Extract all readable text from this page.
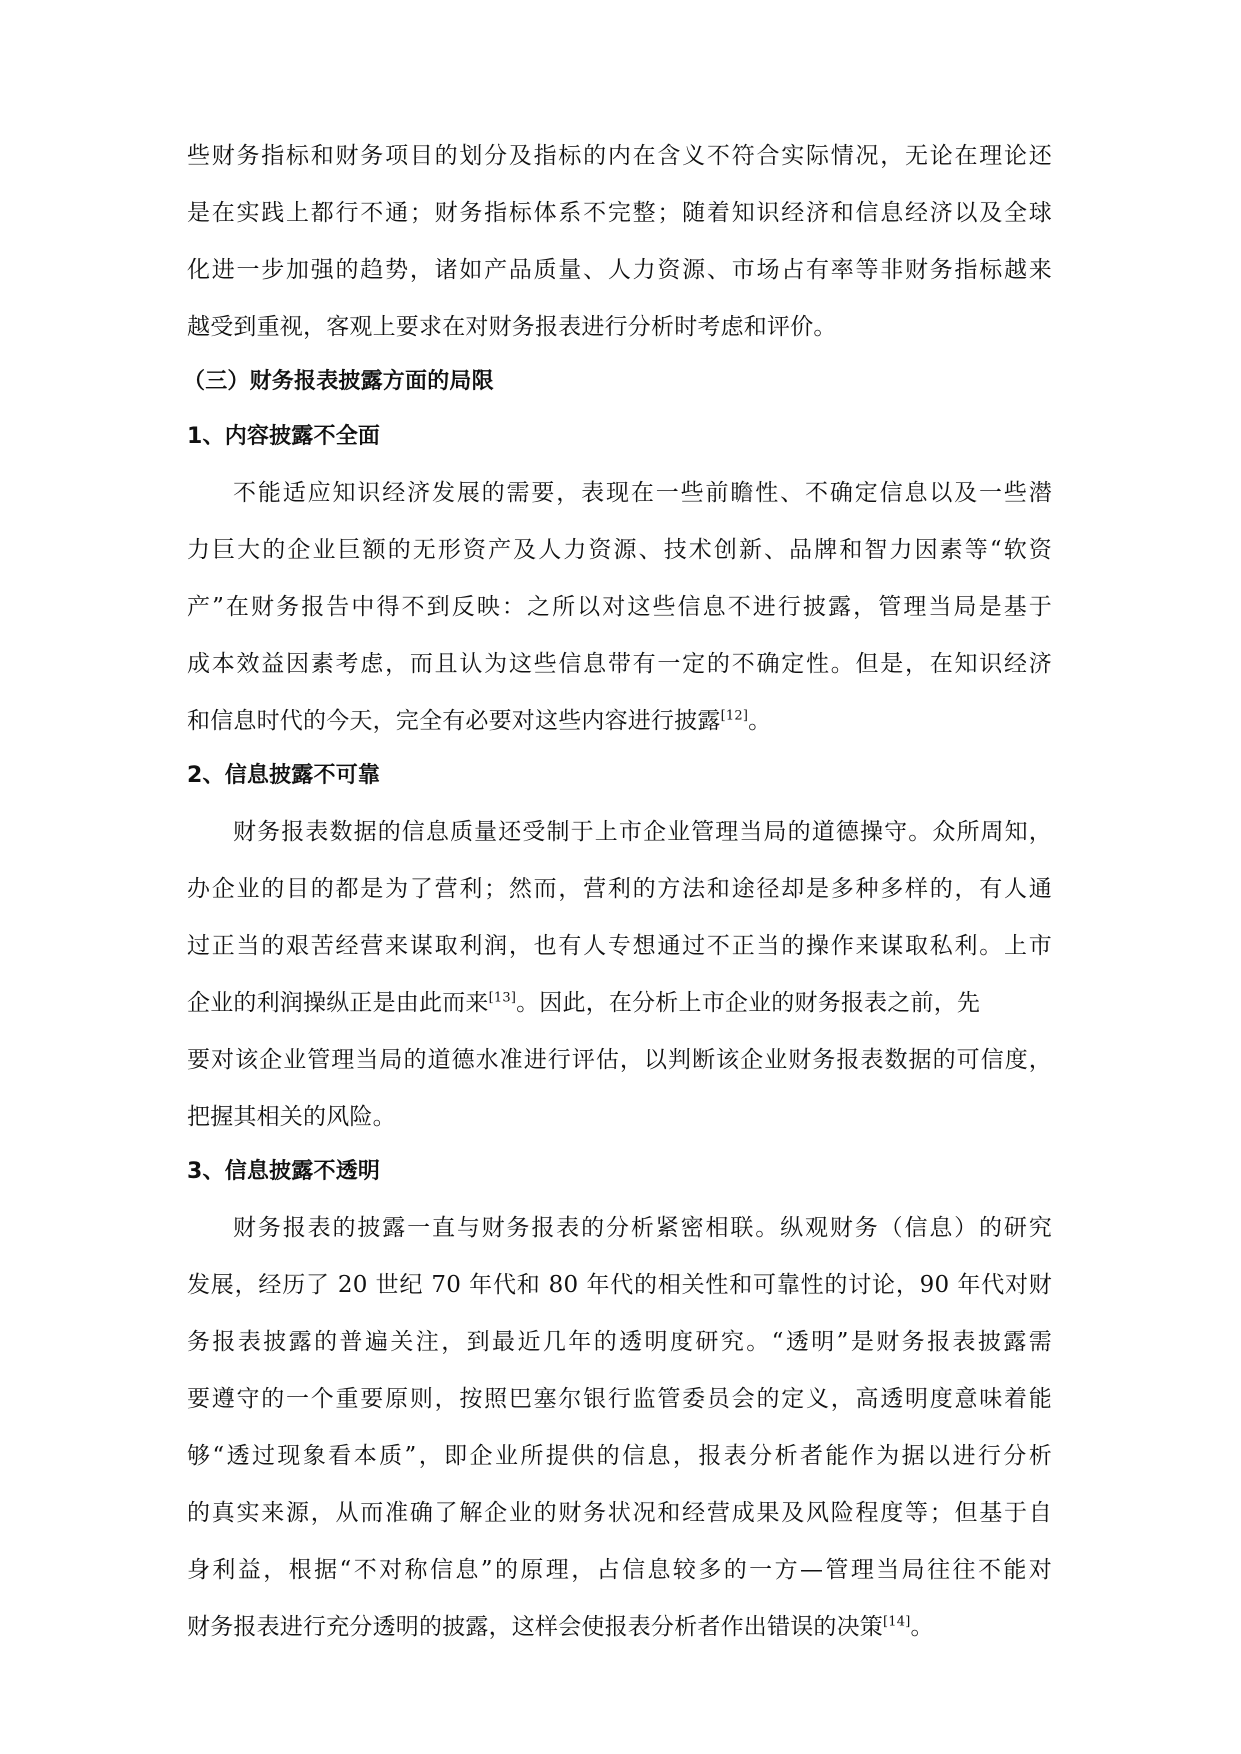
些财务指标和财务项目的划分及指标的内在含义不符合实际情况，无论在理论还
是在实践上都行不通；财务指标体系不完整；随着知识经济和信息经济以及全球
化进一步加强的趋势，诸如产品质量、人力资源、市场占有率等非财务指标越来
越受到重视，客观上要求在对财务报表进行分析时考虑和评价。
（三）财务报表披露方面的局限
1、内容披露不全面
不能适应知识经济发展的需要，表现在一些前瞻性、不确定信息以及一些潜
力巨大的企业巨额的无形资产及人力资源、技术创新、品牌和智力因素等“软资
产”在财务报告中得不到反映：之所以对这些信息不进行披露，管理当局是基于
成本效益因素考虑，而且认为这些信息带有一定的不确定性。但是，在知识经济
和信息时代的今天，完全有必要对这些内容进行披露[12]。
2、信息披露不可靠
财务报表数据的信息质量还受制于上市企业管理当局的道德操守。众所周知，
办企业的目的都是为了营利；然而，营利的方法和途径却是多种多样的，有人通
过正当的艰苦经营来谋取利润，也有人专想通过不正当的操作来谋取私利。上市
企业的利润操纵正是由此而来[13]。因此，在分析上市企业的财务报表之前，先
要对该企业管理当局的道德水准进行评估，以判断该企业财务报表数据的可信度，
把握其相关的风险。
3、信息披露不透明
财务报表的披露一直与财务报表的分析紧密相联。纵观财务（信息）的研究
发展，经历了 20 世纪 70 年代和 80 年代的相关性和可靠性的讨论，90 年代对财
务报表披露的普遍关注，到最近几年的透明度研究。“透明”是财务报表披露需
要遵守的一个重要原则，按照巴塞尔银行监管委员会的定义，高透明度意味着能
够“透过现象看本质”，即企业所提供的信息，报表分析者能作为据以进行分析
的真实来源，从而准确了解企业的财务状况和经营成果及风险程度等；但基于自
身利益，根据“不对称信息”的原理，占信息较多的一方—管理当局往往不能对
财务报表进行充分透明的披露，这样会使报表分析者作出错误的决策[14]。
